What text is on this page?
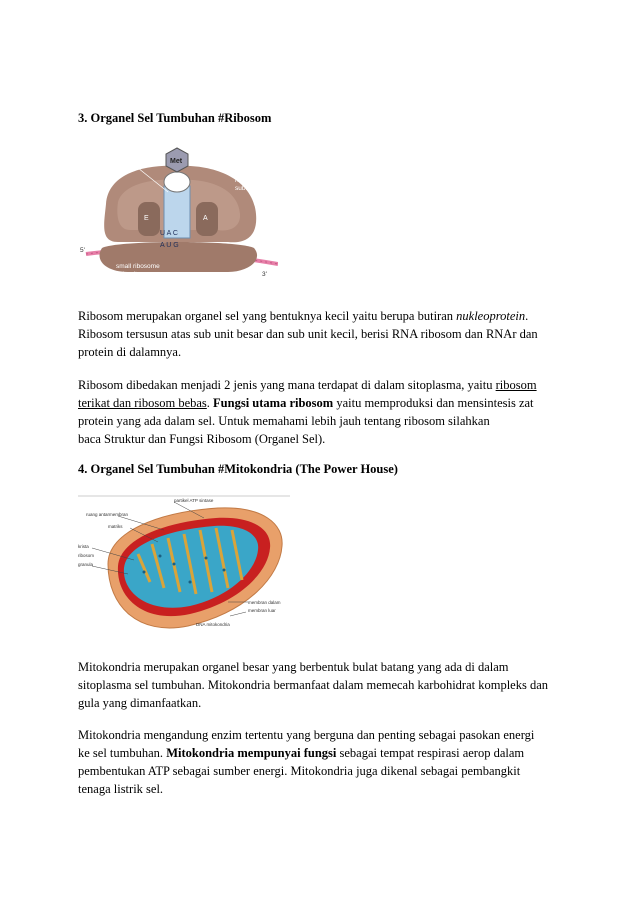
3. Organel Sel Tumbuhan #Ribosom
Met
P site
Large
ribosomal
subunit
E	A
U A C
A U G
5'
3'
small ribosome
subunit
Ribosom merupakan organel sel yang bentuknya kecil yaitu berupa butiran nukleoprotein.
Ribosom tersusun atas sub unit besar dan sub unit kecil, berisi RNA ribosom dan RNAr dan
protein di dalamnya.
Ribosom dibedakan menjadi 2 jenis yang mana terdapat di dalam sitoplasma, yaitu ribosom
terikat dan ribosom bebas. Fungsi utama ribosom yaitu memproduksi dan mensintesis zat
protein yang ada dalam sel. Untuk memahami lebih jauh tentang ribosom silahkan
baca Struktur dan Fungsi Ribosom (Organel Sel).
4. Organel Sel Tumbuhan #Mitokondria (The Power House)
partikel ATP sintase
ruang antarmembran
matriks
krista
ribosom
granula
membran dalam
membran luar
DNA mitokondria
Mitokondria merupakan organel besar yang berbentuk bulat batang yang ada di dalam
sitoplasma sel tumbuhan. Mitokondria bermanfaat dalam memecah karbohidrat kompleks dan
gula yang dimanfaatkan.
Mitokondria mengandung enzim tertentu yang berguna dan penting sebagai pasokan energi
ke sel tumbuhan. Mitokondria mempunyai fungsi sebagai tempat respirasi aerop dalam
pembentukan ATP sebagai sumber energi. Mitokondria juga dikenal sebagai pembangkit
tenaga listrik sel.
